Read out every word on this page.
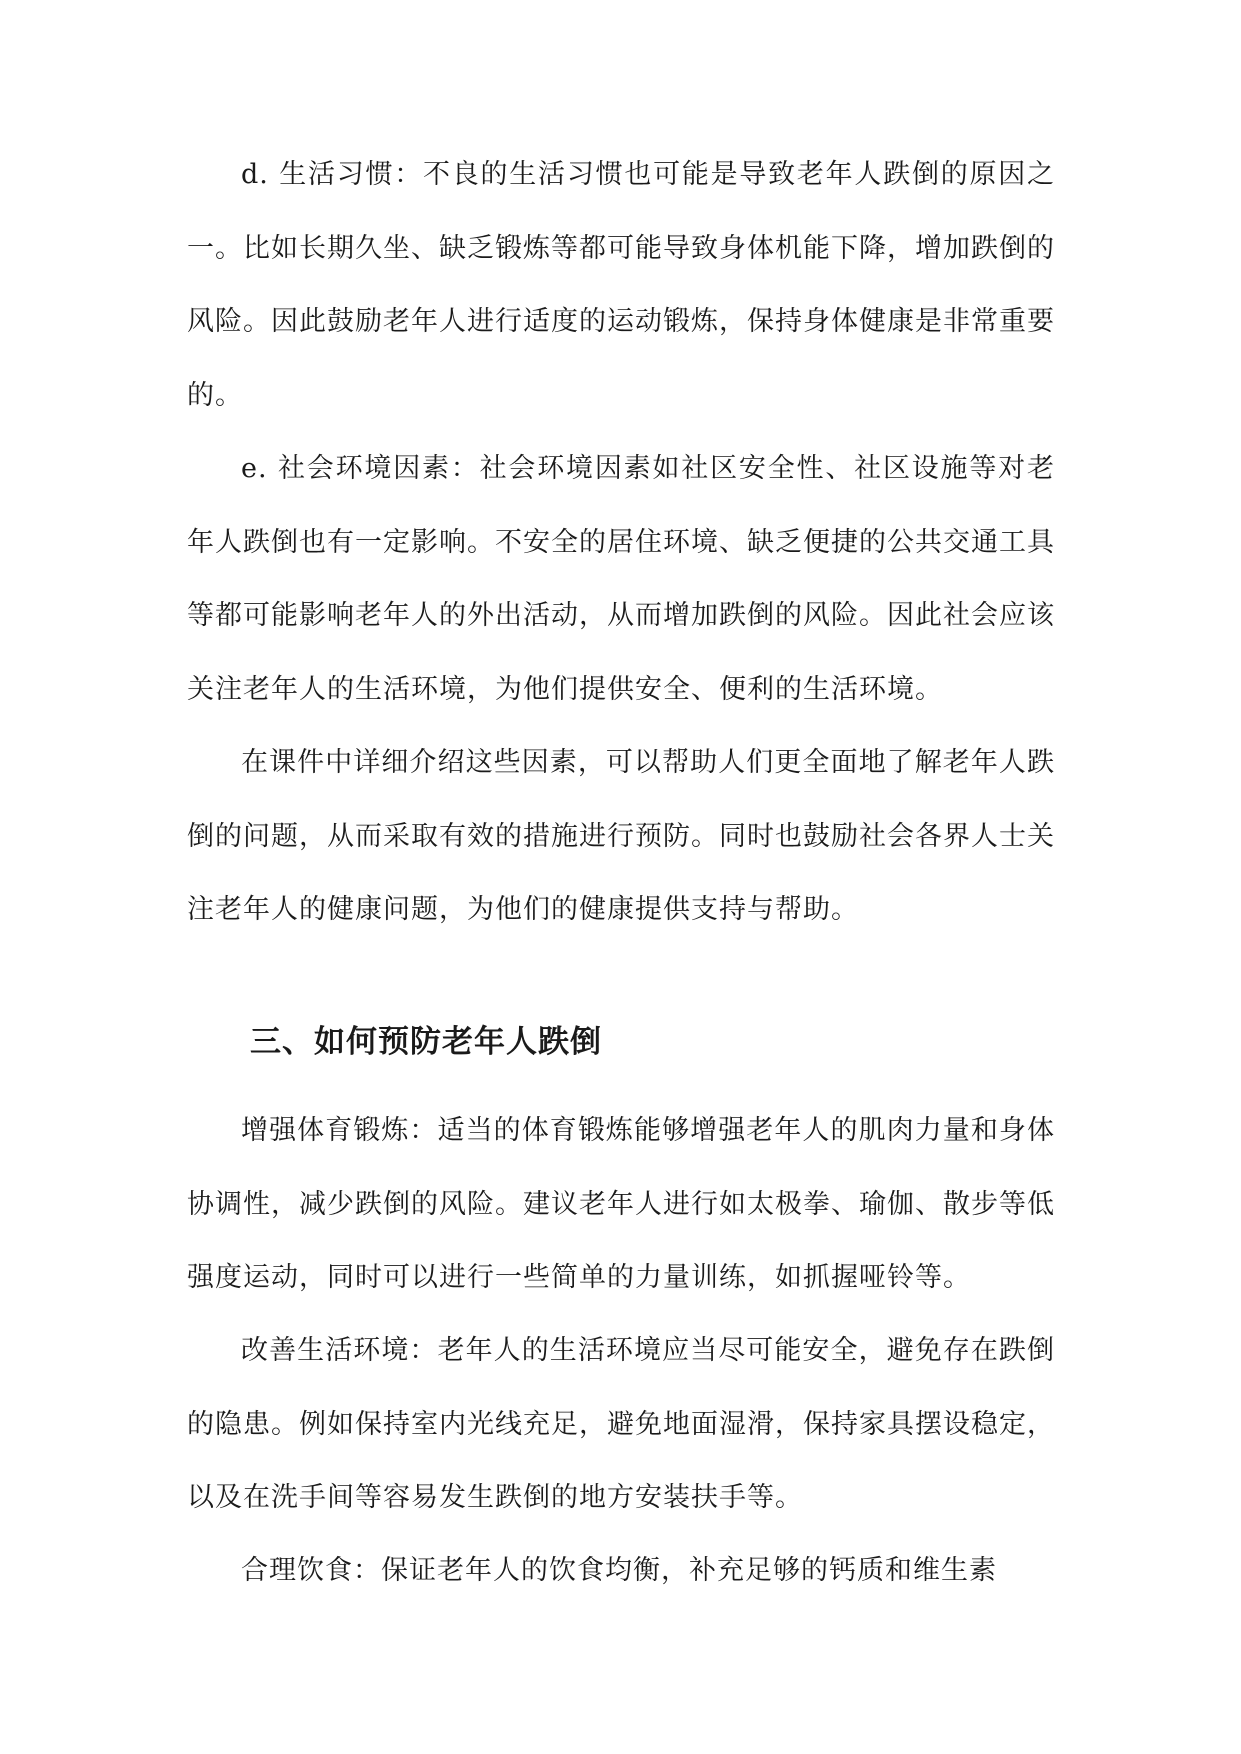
d. 生活习惯：不良的生活习惯也可能是导致老年人跌倒的原因之一。比如长期久坐、缺乏锻炼等都可能导致身体机能下降，增加跌倒的风险。因此鼓励老年人进行适度的运动锻炼，保持身体健康是非常重要的。

e. 社会环境因素：社会环境因素如社区安全性、社区设施等对老年人跌倒也有一定影响。不安全的居住环境、缺乏便捷的公共交通工具等都可能影响老年人的外出活动，从而增加跌倒的风险。因此社会应该关注老年人的生活环境，为他们提供安全、便利的生活环境。

在课件中详细介绍这些因素，可以帮助人们更全面地了解老年人跌倒的问题，从而采取有效的措施进行预防。同时也鼓励社会各界人士关注老年人的健康问题，为他们的健康提供支持与帮助。

三、如何预防老年人跌倒

增强体育锻炼：适当的体育锻炼能够增强老年人的肌肉力量和身体协调性，减少跌倒的风险。建议老年人进行如太极拳、瑜伽、散步等低强度运动，同时可以进行一些简单的力量训练，如抓握哑铃等。

改善生活环境：老年人的生活环境应当尽可能安全，避免存在跌倒的隐患。例如保持室内光线充足，避免地面湿滑，保持家具摆设稳定，以及在洗手间等容易发生跌倒的地方安装扶手等。

合理饮食：保证老年人的饮食均衡，补充足够的钙质和维生素
